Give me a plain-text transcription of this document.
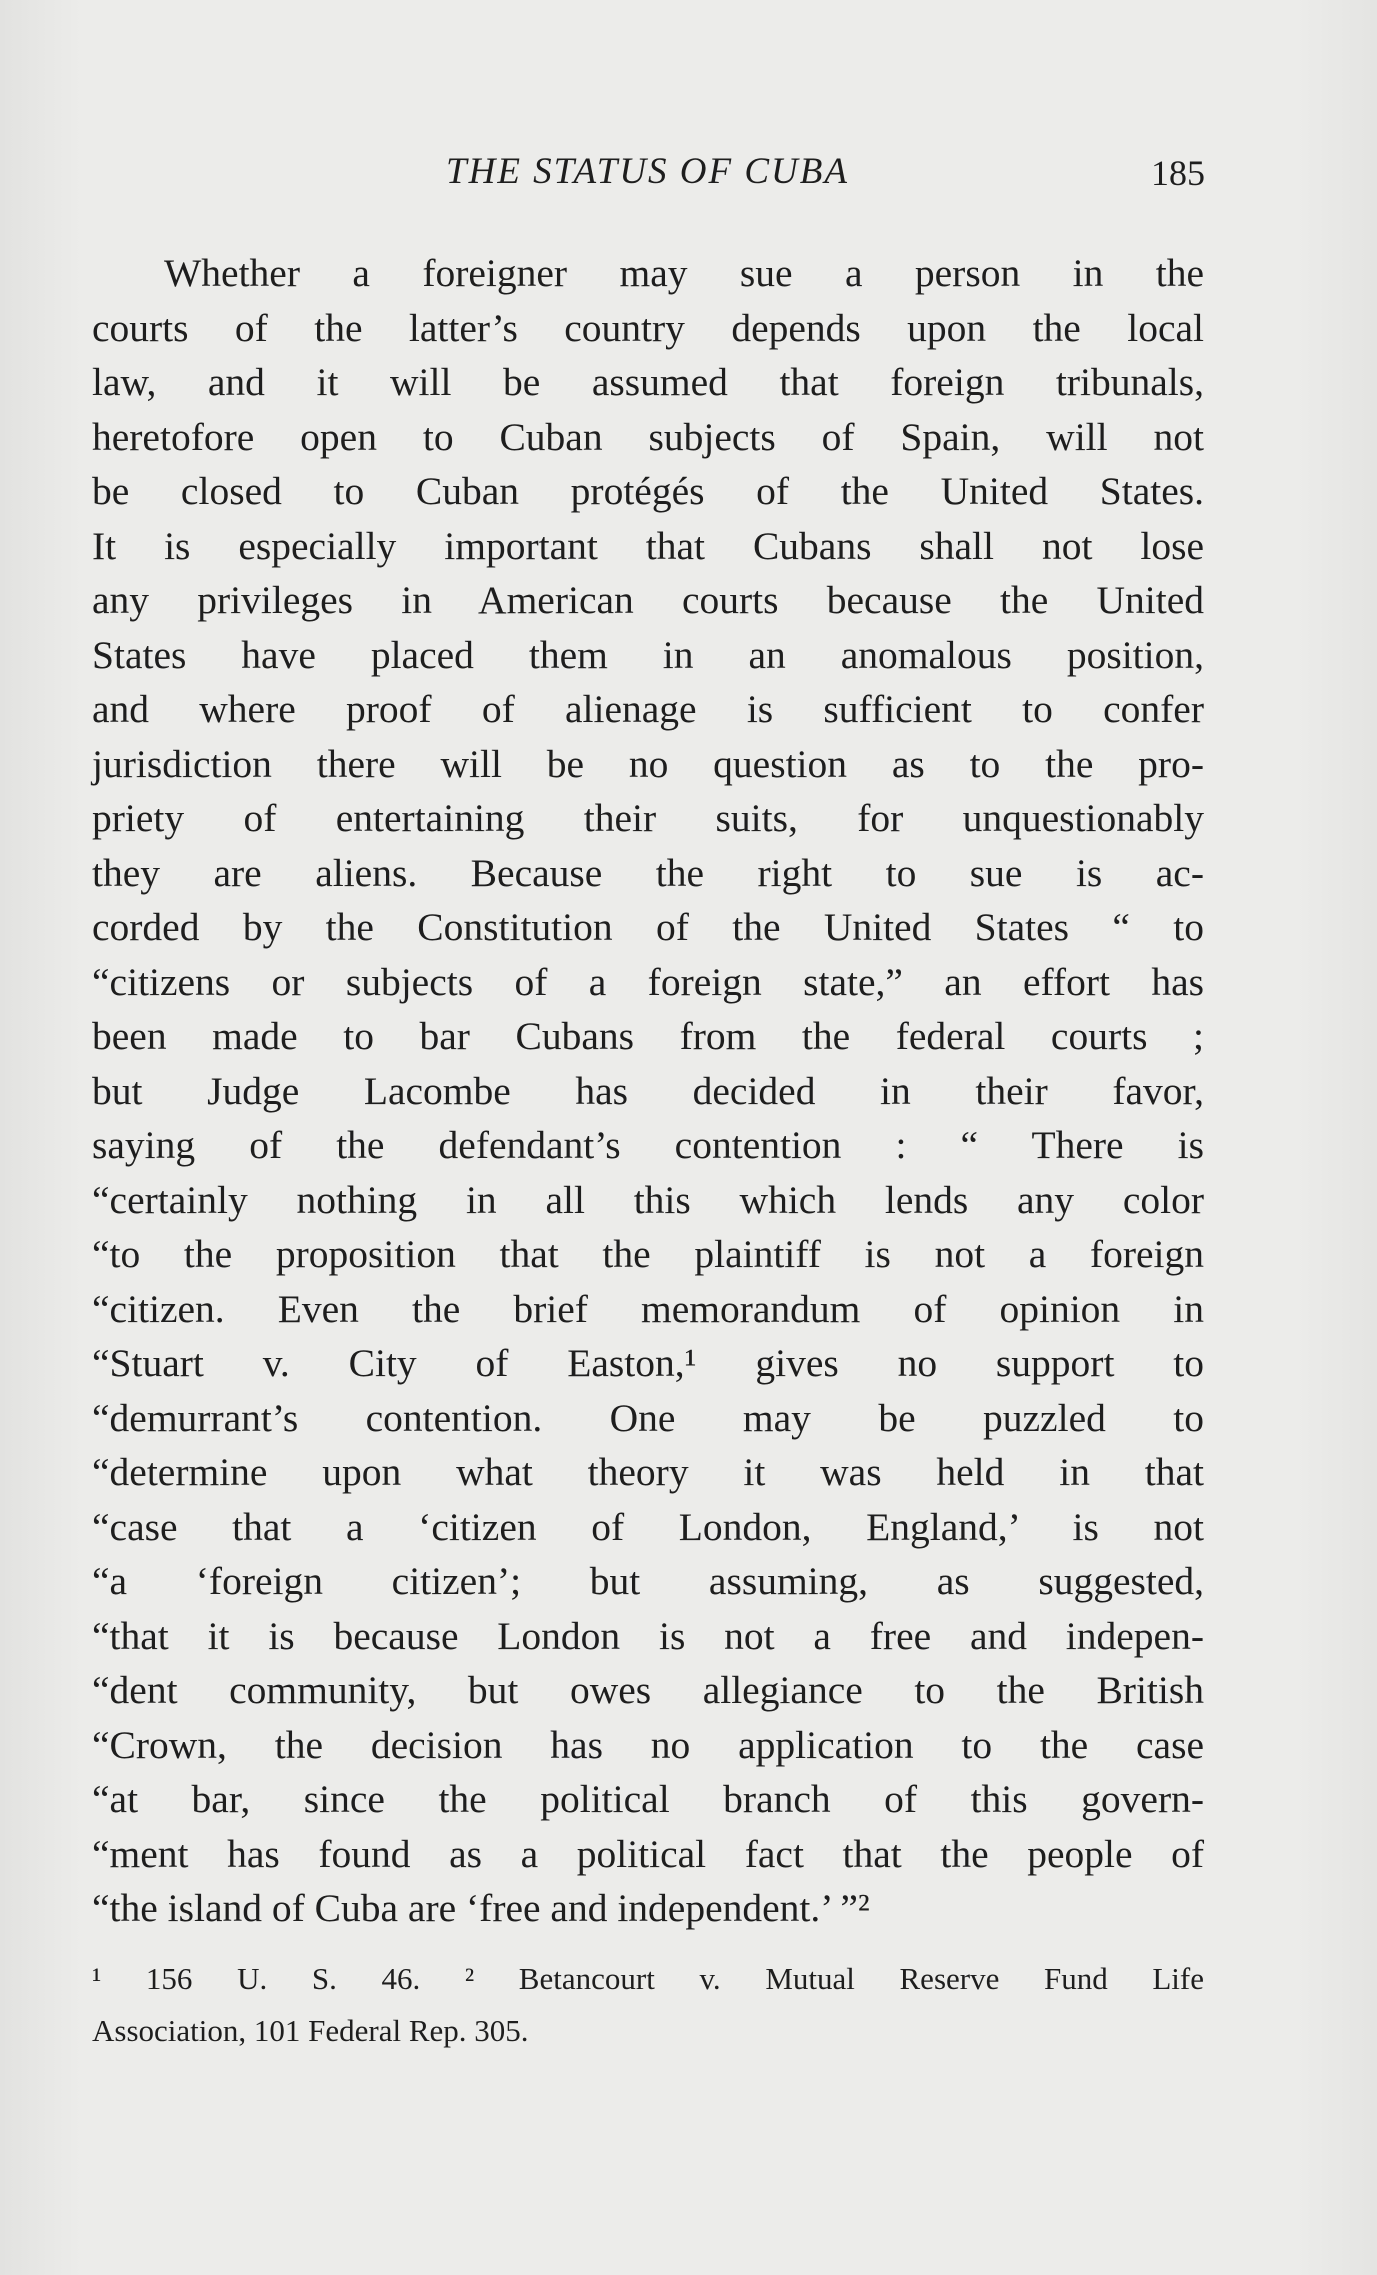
THE STATUS OF CUBA	185
Whether a foreigner may sue a person in the
courts of the latter’s country depends upon the local
law, and it will be assumed that foreign tribunals,
heretofore open to Cuban subjects of Spain, will not
be closed to Cuban protégés of the United States.
It is especially important that Cubans shall not lose
any privileges in American courts because the United
States have placed them in an anomalous position,
and where proof of alienage is sufficient to confer
jurisdiction there will be no question as to the pro-
priety of entertaining their suits, for unquestionably
they are aliens. Because the right to sue is ac-
corded by the Constitution of the United States “ to
“citizens or subjects of a foreign state,” an effort has
been made to bar Cubans from the federal courts ;
but Judge Lacombe has decided in their favor,
saying of the defendant’s contention : “ There is
“certainly nothing in all this which lends any color
“to the proposition that the plaintiff is not a foreign
“citizen. Even the brief memorandum of opinion in
“Stuart v. City of Easton,¹ gives no support to
“demurrant’s contention. One may be puzzled to
“determine upon what theory it was held in that
“case that a ‘citizen of London, England,’ is not
“a ‘foreign citizen’; but assuming, as suggested,
“that it is because London is not a free and indepen-
“dent community, but owes allegiance to the British
“Crown, the decision has no application to the case
“at bar, since the political branch of this govern-
“ment has found as a political fact that the people of
“the island of Cuba are ‘free and independent.’ ”²
¹ 156 U. S. 46. ² Betancourt v. Mutual Reserve Fund Life
Association, 101 Federal Rep. 305.
